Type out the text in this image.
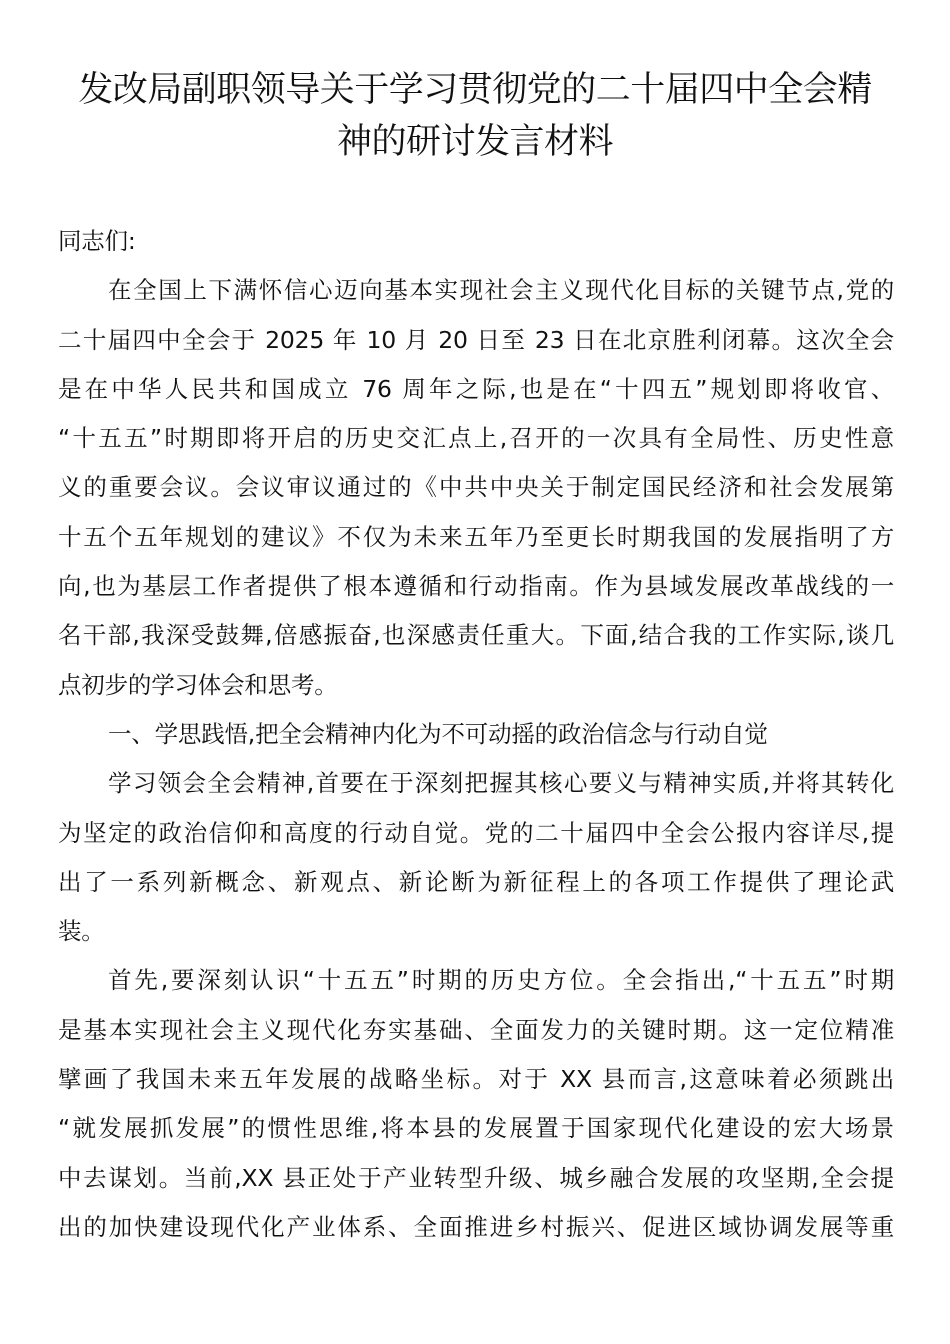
发改局副职领导关于学习贯彻党的二十届四中全会精
神的研讨发言材料
同志们:
在全国上下满怀信心迈向基本实现社会主义现代化目标的关键节点,党的
二十届四中全会于 2025 年 10 月 20 日至 23 日在北京胜利闭幕。这次全会
是在中华人民共和国成立 76 周年之际,也是在“十四五”规划即将收官、
“十五五”时期即将开启的历史交汇点上,召开的一次具有全局性、历史性意
义的重要会议。会议审议通过的《中共中央关于制定国民经济和社会发展第
十五个五年规划的建议》不仅为未来五年乃至更长时期我国的发展指明了方
向,也为基层工作者提供了根本遵循和行动指南。作为县域发展改革战线的一
名干部,我深受鼓舞,倍感振奋,也深感责任重大。下面,结合我的工作实际,谈几
点初步的学习体会和思考。
一、学思践悟,把全会精神内化为不可动摇的政治信念与行动自觉
学习领会全会精神,首要在于深刻把握其核心要义与精神实质,并将其转化
为坚定的政治信仰和高度的行动自觉。党的二十届四中全会公报内容详尽,提
出了一系列新概念、新观点、新论断为新征程上的各项工作提供了理论武
装。
首先,要深刻认识“十五五”时期的历史方位。全会指出,“十五五”时期
是基本实现社会主义现代化夯实基础、全面发力的关键时期。这一定位精准
擘画了我国未来五年发展的战略坐标。对于 XX 县而言,这意味着必须跳出
“就发展抓发展”的惯性思维,将本县的发展置于国家现代化建设的宏大场景
中去谋划。当前,XX 县正处于产业转型升级、城乡融合发展的攻坚期,全会提
出的加快建设现代化产业体系、全面推进乡村振兴、促进区域协调发展等重
